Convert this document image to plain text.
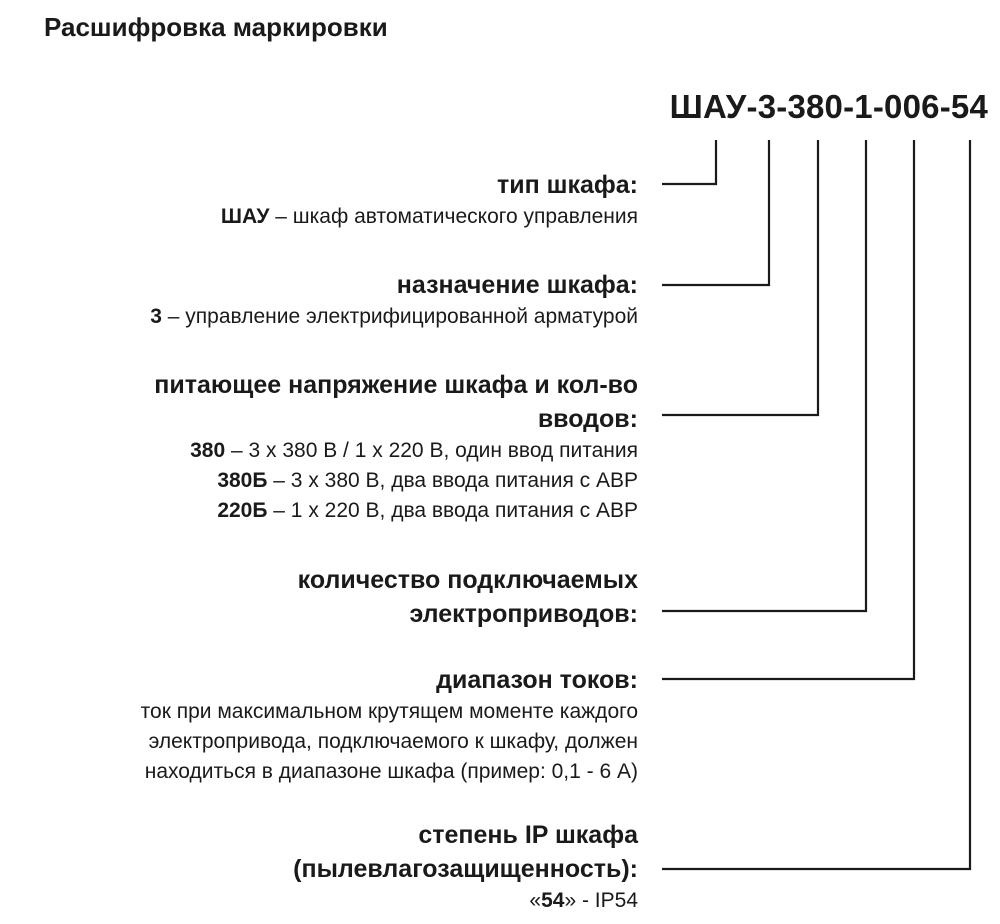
Расшифровка маркировки
ШАУ-3-380-1-006-54
тип шкафа:
ШАУ – шкаф автоматического управления
назначение шкафа:
3 – управление электрифицированной арматурой
питающее напряжение шкафа и кол-во
вводов:
380 – 3 х 380 В / 1 х 220 В, один ввод питания
380Б – 3 х 380 В, два ввода питания с АВР
220Б – 1 х 220 В, два ввода питания с АВР
количество подключаемых
электроприводов:
диапазон токов:
ток при максимальном крутящем моменте каждого
электропривода, подключаемого к шкафу, должен
находиться в диапазоне шкафа (пример: 0,1 - 6 А)
степень IP шкафа
(пылевлагозащищенность):
«54» - IP54
